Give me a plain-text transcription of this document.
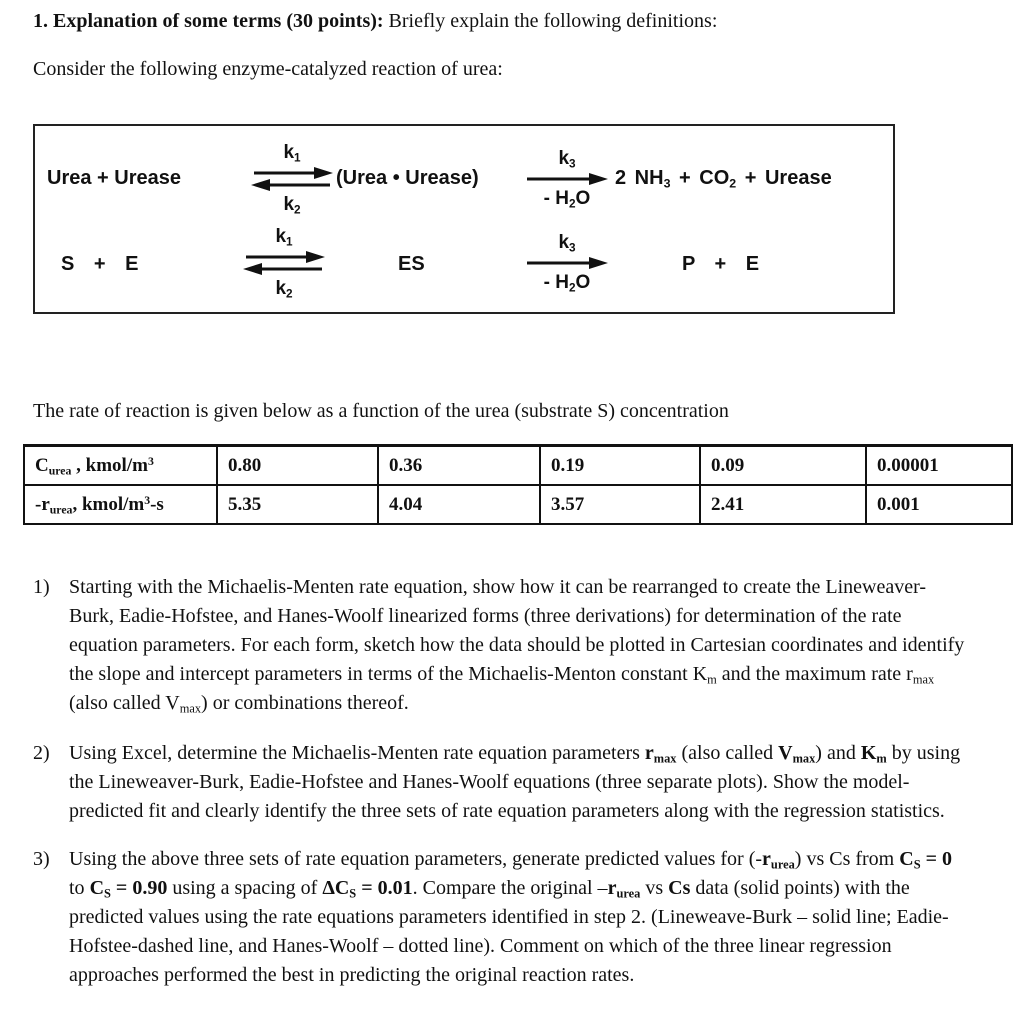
1. Explanation of some terms (30 points): Briefly explain the following definitions:

Consider the following enzyme-catalyzed reaction of urea:

Urea + Urease
$k_1$
$k_2$
(Urea • Urease)
$k_3$
- $H_2O$
2 $NH_3 + CO_2$ + Urease
S + E
$k_1$
$k_2$
ES
$k_3$
- $H_2O$
P + E

The rate of reaction is given below as a function of the urea (substrate S) concentration

$C_{urea}$ , kmol/$m^3$	0.80	0.36	0.19	0.09	0.00001
$-r_{urea}$, kmol/$m^3-s$	5.35	4.04	3.57	2.41	0.001
1) Starting with the Michaelis-Menten rate equation, show how it can be rearranged to create the Lineweaver-Burk, Eadie-Hofstee, and Hanes-Woolf linearized forms (three derivations) for determination of the rate equation parameters. For each form, sketch how the data should be plotted in Cartesian coordinates and identify the slope and intercept parameters in terms of the Michaelis-Menton constant $K_m$ and the maximum rate $r_{max}$ (also called $V_{max}$) or combinations thereof.
2) Using Excel, determine the Michaelis-Menten rate equation parameters $r_{max}$ (also called $V_{max}$) and $K_m$ by using the Lineweaver-Burk, Eadie-Hofstee and Hanes-Woolf equations (three separate plots). Show the model-predicted fit and clearly identify the three sets of rate equation parameters along with the regression statistics.
3) Using the above three sets of rate equation parameters, generate predicted values for $(-r_{urea})$ vs Cs from $C_S = 0$ to $C_S = 0.90$ using a spacing of $\Delta C_S = 0.01$. Compare the original $-r_{urea}$ vs Cs data (solid points) with the predicted values using the rate equations parameters identified in step 2. (Lineweave-Burk – solid line; Eadie-Hofstee-dashed line, and Hanes-Woolf – dotted line). Comment on which of the three linear regression approaches performed the best in predicting the original reaction rates.
